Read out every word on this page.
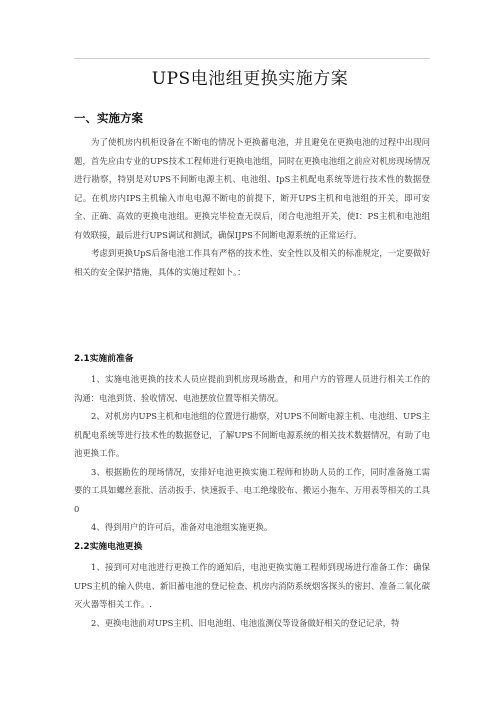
UPS电池组更换实施方案
一、实施方案

为了使机房内机柜设备在不断电的情况卜更换蓄电池，并且避免在更换电池的过程中出现问题，首先应由专业的UPS技术工程师进行更换电池组，同时在更换电池组之前应对机房现场情况进行勘察，特别是对UPS不间断电源主机、电池组、IpS主机配电系统等进行技术性的数据登记。在机房内IPS主机输入市电电源不断电的前提下，断开UPS主机和电池组的开关，即可安全、正确、高效的更换电池组。更换完毕检查无误后，闭合电池组开关，使I：PS主机和电池组有效联接，最后进行UPS调试和测试，确保IJPS不间断电源系统的正常运行。

考虑到更换UpS后备电池工作具有严格的技术性、安全性以及相关的标准规定，一定要做好相关的安全保护措施，具体的实施过程如卜。：

2.1实施前准备

1、实施电池更换的技术人员应提前到机房现场勘查，和用户方的管理人员进行相关工作的沟通：电池到货、验收情况、电池摆放位置等相关情况。

2、对机房内UPS主机和电池组的位置进行勘察，对UPS不间断电源主机、电池组、UPS主机配电系统等进行技术性的数据登记，了解UPS不间断电源系统的相关技术数据情况，有助了电池更换工作。

3、根据勘佐的现场情况，安排好电池更换实施工程师和协助人员的工作，同时准备施工需要的工具如螺丝套批、活动扳手、快速扳手、电工绝缘胶布、搬运小拖车、万用表等相关的工具0

4、得到用户的许可后，准备对电池组实施更换。

2.2实施电池更换

1、接到可对电池进行更换工作的通知后，电池更换实施工程师到现场进行准备工作：确保UPS主机的输入供电、新旧蓄电池的登记检查、机房内消防系统烟客探头的密封、准备二氧化碳灭火器等相关工作。.

2、更换电池前对UPS主机、旧电池组、电池监测仪等设备做好相关的登记记录，特
